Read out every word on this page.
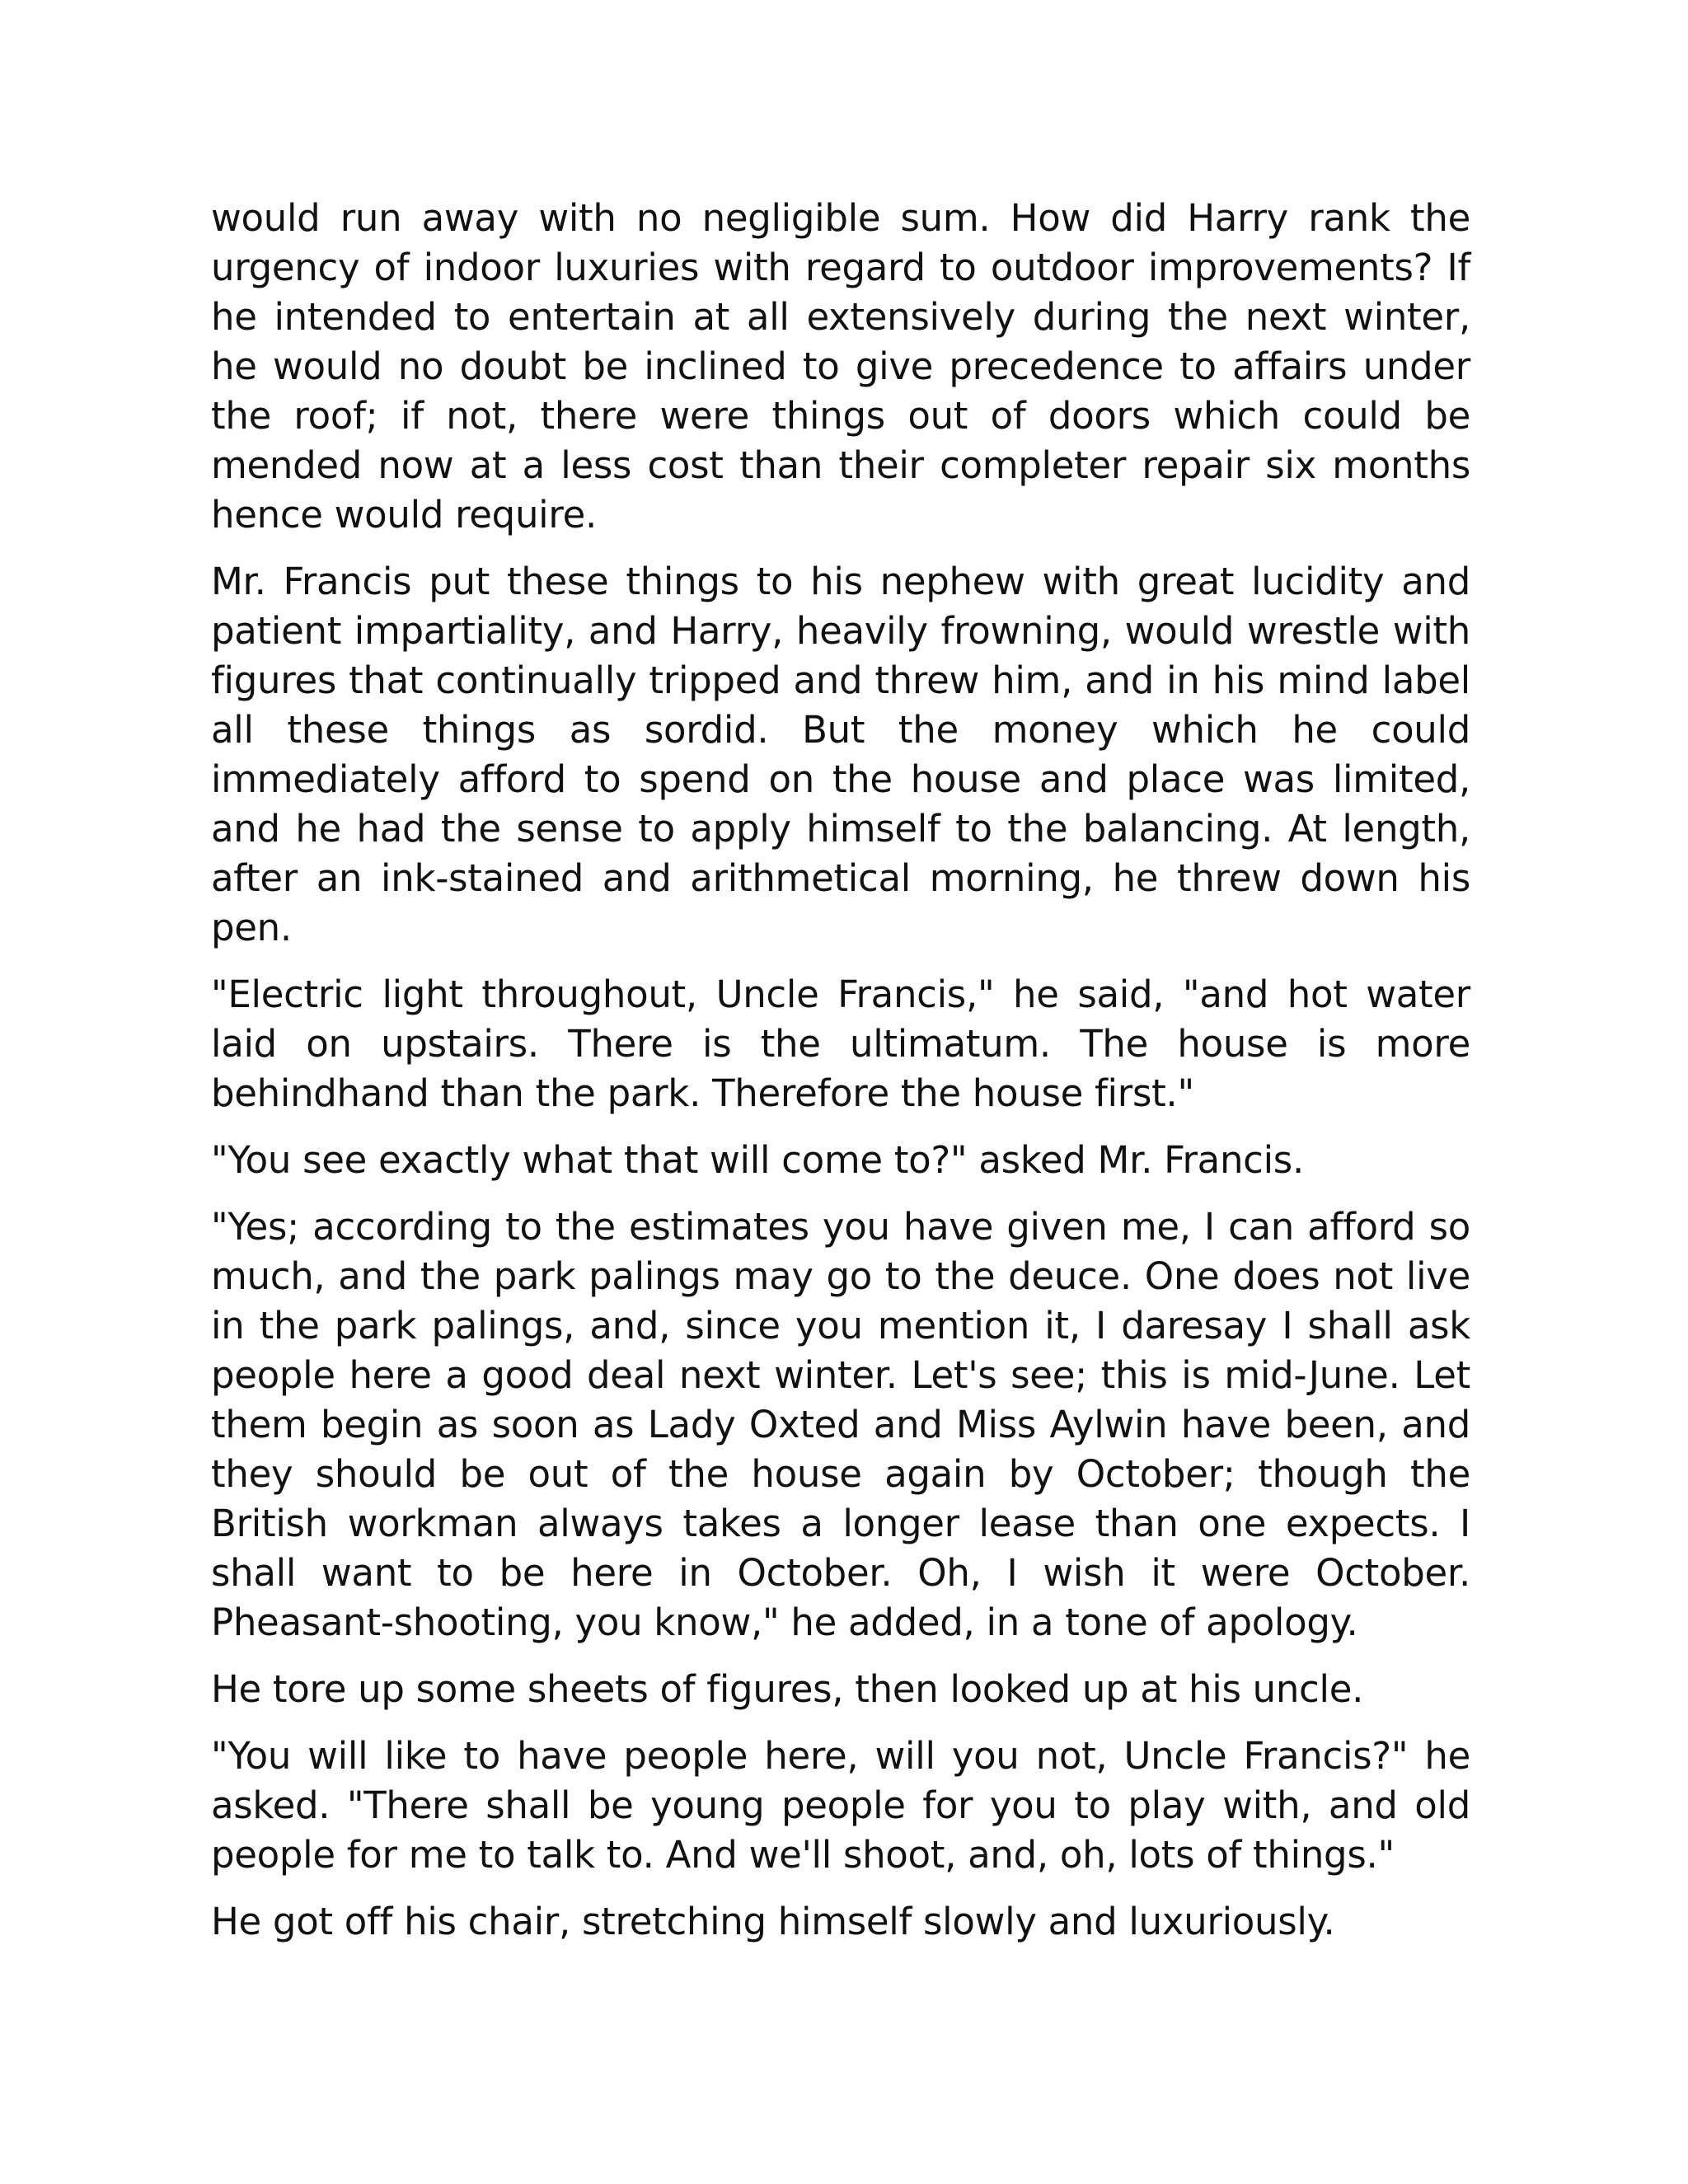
would run away with no negligible sum. How did Harry rank the urgency of indoor luxuries with regard to outdoor improvements? If he intended to entertain at all extensively during the next winter, he would no doubt be inclined to give precedence to affairs under the roof; if not, there were things out of doors which could be mended now at a less cost than their completer repair six months hence would require.

Mr. Francis put these things to his nephew with great lucidity and patient impartiality, and Harry, heavily frowning, would wrestle with figures that continually tripped and threw him, and in his mind label all these things as sordid. But the money which he could immediately afford to spend on the house and place was limited, and he had the sense to apply himself to the balancing. At length, after an ink-stained and arithmetical morning, he threw down his pen.

"Electric light throughout, Uncle Francis," he said, "and hot water laid on upstairs. There is the ultimatum. The house is more behindhand than the park. Therefore the house first."

"You see exactly what that will come to?" asked Mr. Francis.

"Yes; according to the estimates you have given me, I can afford so much, and the park palings may go to the deuce. One does not live in the park palings, and, since you mention it, I daresay I shall ask people here a good deal next winter. Let's see; this is mid-June. Let them begin as soon as Lady Oxted and Miss Aylwin have been, and they should be out of the house again by October; though the British workman always takes a longer lease than one expects. I shall want to be here in October. Oh, I wish it were October. Pheasant-shooting, you know," he added, in a tone of apology.

He tore up some sheets of figures, then looked up at his uncle.

"You will like to have people here, will you not, Uncle Francis?" he asked. "There shall be young people for you to play with, and old people for me to talk to. And we'll shoot, and, oh, lots of things."

He got off his chair, stretching himself slowly and luxuriously.
